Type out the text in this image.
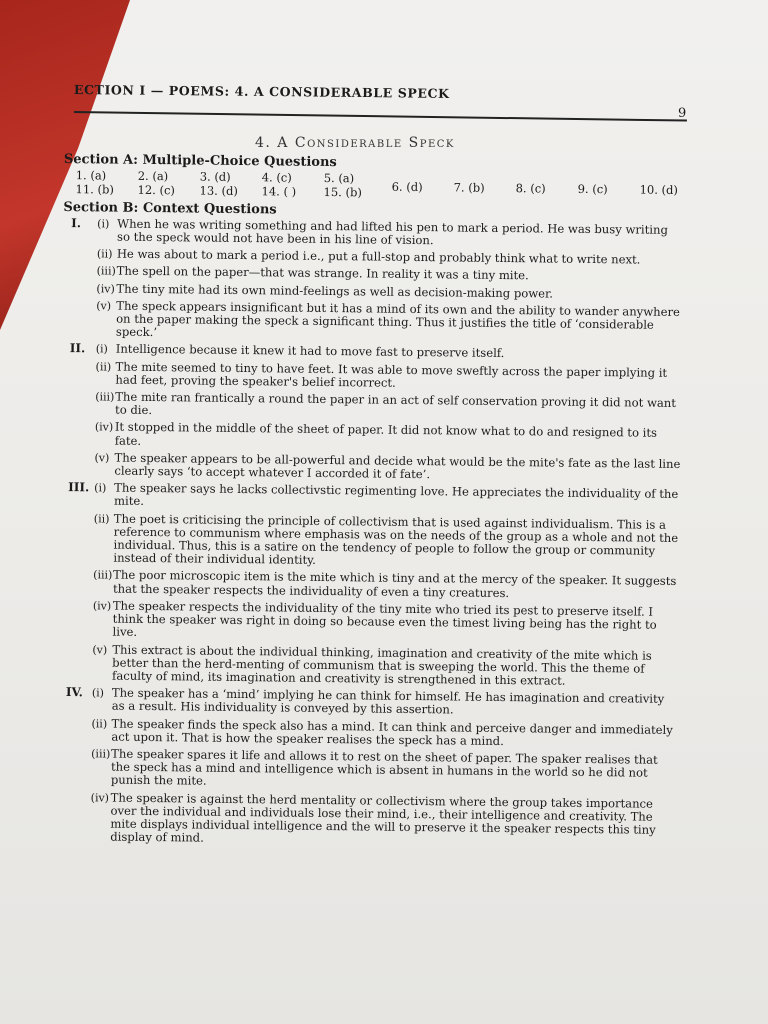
ECTION I — POEMS: 4. A CONSIDERABLE SPECK
9
4. A Considerable Speck
Section A: Multiple-Choice Questions
1. (a)	2. (a)	3. (d)	4. (c)	5. (a)
11. (b)	12. (c)	13. (d)	14. ( )	15. (b)	6. (d)	7. (b)	8. (c)	9. (c)	10. (d)
Section B: Context Questions
I. (i) When he was writing something and had lifted his pen to mark a period. He was busy writing so the speck would not have been in his line of vision.
(ii) He was about to mark a period i.e., put a full-stop and probably think what to write next.
(iii) The spell on the paper—that was strange. In reality it was a tiny mite.
(iv) The tiny mite had its own mind-feelings as well as decision-making power.
(v) The speck appears insignificant but it has a mind of its own and the ability to wander anywhere on the paper making the speck a significant thing. Thus it justifies the title of ‘considerable speck.’
II. (i) Intelligence because it knew it had to move fast to preserve itself.
(ii) The mite seemed to tiny to have feet. It was able to move sweftly across the paper implying it had feet, proving the speaker's belief incorrect.
(iii) The mite ran frantically a round the paper in an act of self conservation proving it did not want to die.
(iv) It stopped in the middle of the sheet of paper. It did not know what to do and resigned to its fate.
(v) The speaker appears to be all-powerful and decide what would be the mite's fate as the last line clearly says ‘to accept whatever I accorded it of fate’.
III. (i) The speaker says he lacks collectivstic regimenting love. He appreciates the individuality of the mite.
(ii) The poet is criticising the principle of collectivism that is used against individualism. This is a reference to communism where emphasis was on the needs of the group as a whole and not the individual. Thus, this is a satire on the tendency of people to follow the group or community instead of their individual identity.
(iii) The poor microscopic item is the mite which is tiny and at the mercy of the speaker. It suggests that the speaker respects the individuality of even a tiny creatures.
(iv) The speaker respects the individuality of the tiny mite who tried its pest to preserve itself. I think the speaker was right in doing so because even the timest living being has the right to live.
(v) This extract is about the individual thinking, imagination and creativity of the mite which is better than the herd-menting of communism that is sweeping the world. This the theme of faculty of mind, its imagination and creativity is strengthened in this extract.
IV. (i) The speaker has a ‘mind’ implying he can think for himself. He has imagination and creativity as a result. His individuality is conveyed by this assertion.
(ii) The speaker finds the speck also has a mind. It can think and perceive danger and immediately act upon it. That is how the speaker realises the speck has a mind.
(iii) The speaker spares it life and allows it to rest on the sheet of paper. The spaker realises that the speck has a mind and intelligence which is absent in humans in the world so he did not punish the mite.
(iv) The speaker is against the herd mentality or collectivism where the group takes importance over the individual and individuals lose their mind, i.e., their intelligence and creativity. The mite displays individual intelligence and the will to preserve it the speaker respects this tiny display of mind.
